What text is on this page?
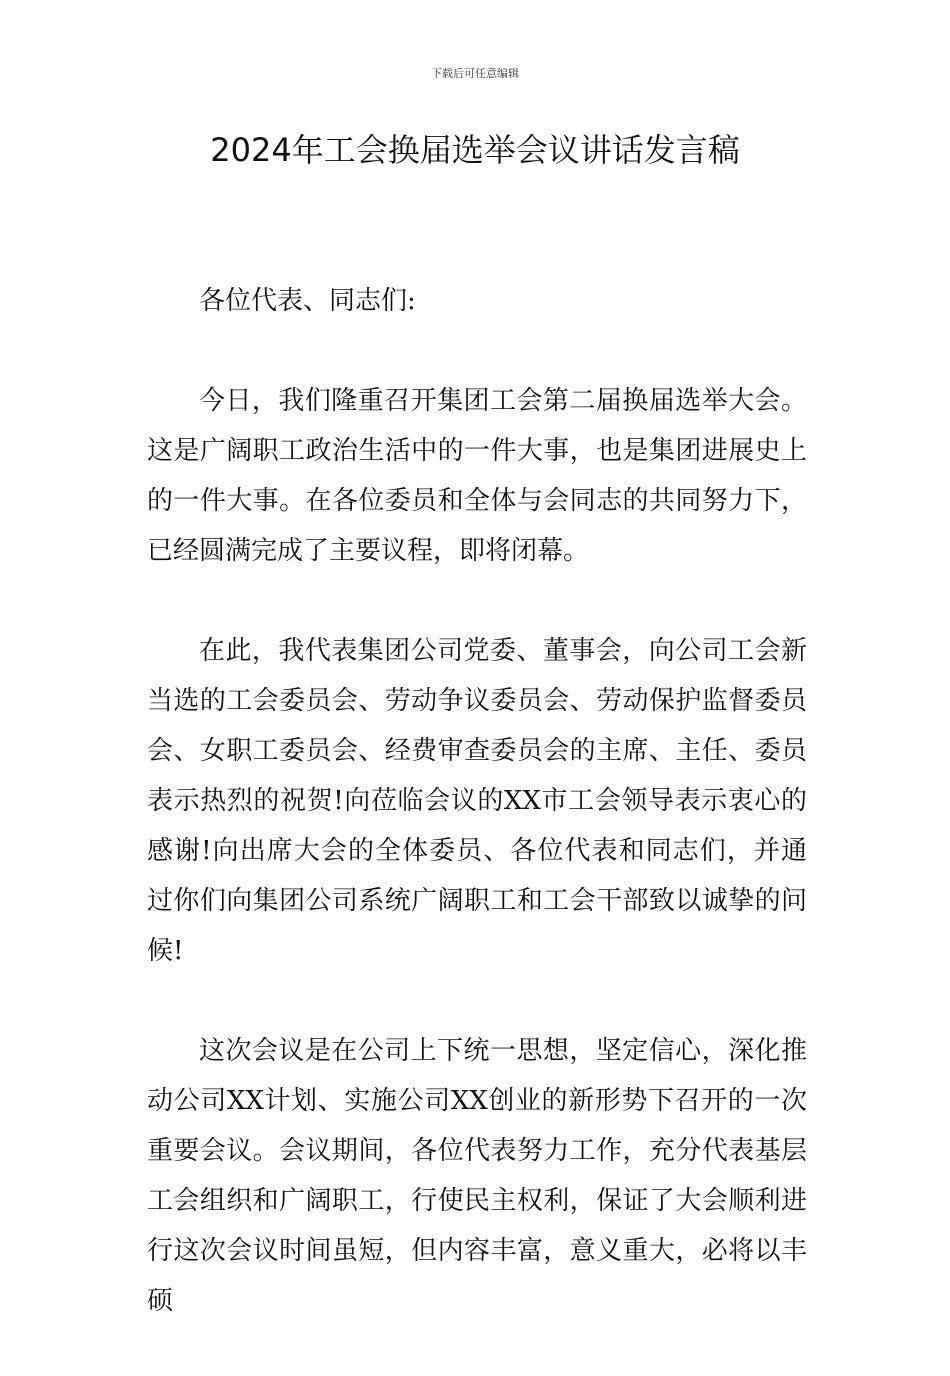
下载后可任意编辑
2024年工会换届选举会议讲话发言稿

各位代表、同志们:

今日，我们隆重召开集团工会第二届换届选举大会。这是广阔职工政治生活中的一件大事，也是集团进展史上的一件大事。在各位委员和全体与会同志的共同努力下，已经圆满完成了主要议程，即将闭幕。

在此，我代表集团公司党委、董事会，向公司工会新当选的工会委员会、劳动争议委员会、劳动保护监督委员会、女职工委员会、经费审查委员会的主席、主任、委员表示热烈的祝贺!向莅临会议的XX市工会领导表示衷心的感谢!向出席大会的全体委员、各位代表和同志们，并通过你们向集团公司系统广阔职工和工会干部致以诚挚的问候!

这次会议是在公司上下统一思想，坚定信心，深化推动公司XX计划、实施公司XX创业的新形势下召开的一次重要会议。会议期间，各位代表努力工作，充分代表基层工会组织和广阔职工，行使民主权利，保证了大会顺利进行这次会议时间虽短，但内容丰富，意义重大，必将以丰硕
